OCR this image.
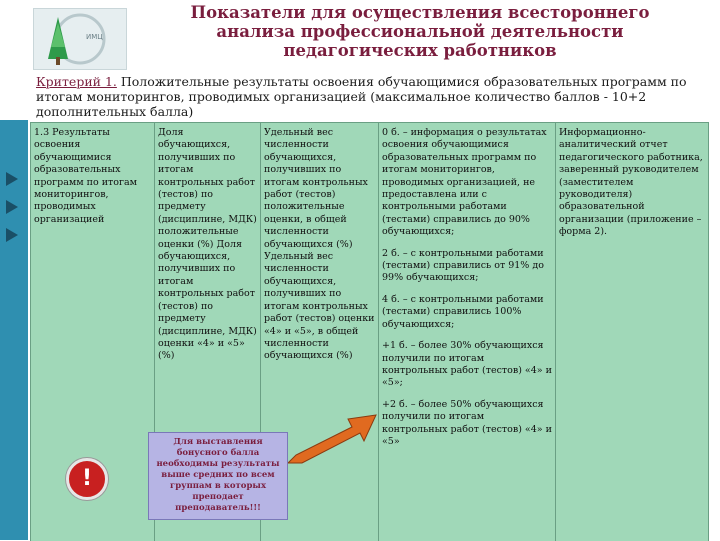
ИМЦ
Показатели для осуществления всестороннего
анализа профессиональной деятельности
педагогических работников
Критерий 1. Положительные результаты освоения обучающимися образовательных программ по итогам мониторингов, проводимых организацией (максимальное количество баллов - 10+2 дополнительных балла)
1.3 Результаты освоения обучающимися образовательных программ по итогам мониторингов, проводимых организацией
Доля обучающихся, получивших по итогам контрольных работ (тестов) по предмету (дисциплине, МДК) положительные оценки (%) Доля обучающихся, получивших по итогам контрольных работ (тестов) по предмету (дисциплине, МДК) оценки «4» и «5» (%)
Удельный вес численности обучающихся, получивших по итогам контрольных работ (тестов) положительные оценки, в общей численности обучающихся (%) Удельный вес численности обучающихся, получивших по итогам контрольных работ (тестов) оценки «4» и «5», в общей численности обучающихся (%)

0 б. – информация о результатах освоения обучающимися образовательных программ по итогам мониторингов, проводимых организацией, не предоставлена или с контрольными работами (тестами) справились до 90% обучающихся;

2 б. – с контрольными работами (тестами) справились от 91% до 99% обучающихся;

4 б. – с контрольными работами (тестами) справились 100% обучающихся;

+1 б. – более 30% обучающихся получили по итогам контрольных работ (тестов) «4» и «5»;

+2 б. – более 50% обучающихся получили по итогам контрольных работ (тестов) «4» и «5»

Информационно-аналитический отчет педагогического работника, заверенный руководителем (заместителем руководителя) образовательной организации (приложение – форма 2).
!
Для выставления бонусного балла необходимы результаты выше средних по всем группам в которых преподает преподаватель!!!
